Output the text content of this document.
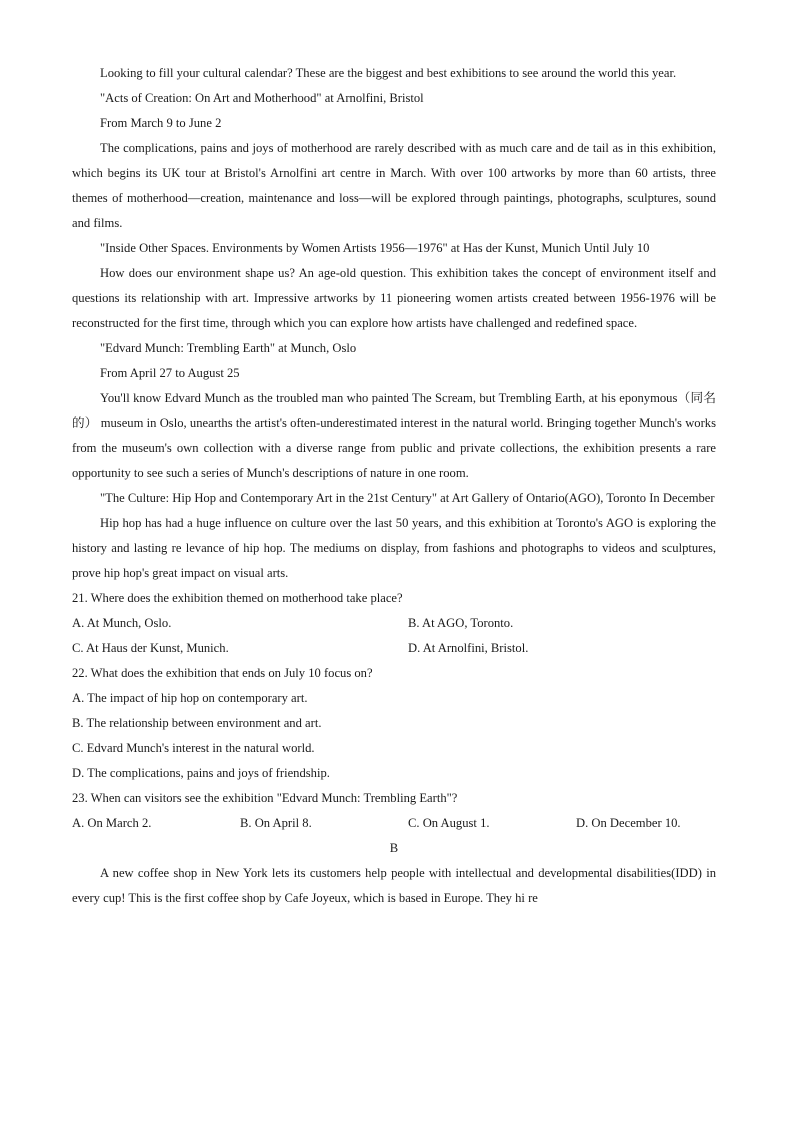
Looking to fill your cultural calendar? These are the biggest and best exhibitions to see around the world this year.

"Acts of Creation: On Art and Motherhood" at Arnolfini, Bristol

From March 9 to June 2

The complications, pains and joys of motherhood are rarely described with as much care and de tail as in this exhibition, which begins its UK tour at Bristol's Arnolfini art centre in March. With over 100 artworks by more than 60 artists, three themes of motherhood—creation, maintenance and loss—will be explored through paintings, photographs, sculptures, sound and films.

"Inside Other Spaces. Environments by Women Artists 1956—1976" at Has der Kunst, Munich Until July 10

How does our environment shape us? An age-old question. This exhibition takes the concept of environment itself and questions its relationship with art. Impressive artworks by 11 pioneering women artists created between 1956-1976 will be reconstructed for the first time, through which you can explore how artists have challenged and redefined space.

"Edvard Munch: Trembling Earth" at Munch, Oslo

From April 27 to August 25

You'll know Edvard Munch as the troubled man who painted The Scream, but Trembling Earth, at his eponymous（同名的） museum in Oslo, unearths the artist's often-underestimated interest in the natural world. Bringing together Munch's works from the museum's own collection with a diverse range from public and private collections, the exhibition presents a rare opportunity to see such a series of Munch's descriptions of nature in one room.

"The Culture: Hip Hop and Contemporary Art in the 21st Century" at Art Gallery of Ontario(AGO), Toronto In December

Hip hop has had a huge influence on culture over the last 50 years, and this exhibition at Toronto's AGO is exploring the history and lasting re levance of hip hop. The mediums on display, from fashions and photographs to videos and sculptures, prove hip hop's great impact on visual arts.

21. Where does the exhibition themed on motherhood take place?

A. At Munch, Oslo.	B. At AGO, Toronto.
C. At Haus der Kunst, Munich.	D. At Arnolfini, Bristol.

22. What does the exhibition that ends on July 10 focus on?

A. The impact of hip hop on contemporary art.

B. The relationship between environment and art.

C. Edvard Munch's interest in the natural world.

D. The complications, pains and joys of friendship.

23. When can visitors see the exhibition "Edvard Munch: Trembling Earth"?

A. On March 2.	B. On April 8.	C. On August 1.	D. On December 10.

B

A new coffee shop in New York lets its customers help people with intellectual and developmental disabilities(IDD) in every cup! This is the first coffee shop by Cafe Joyeux, which is based in Europe. They hi re
